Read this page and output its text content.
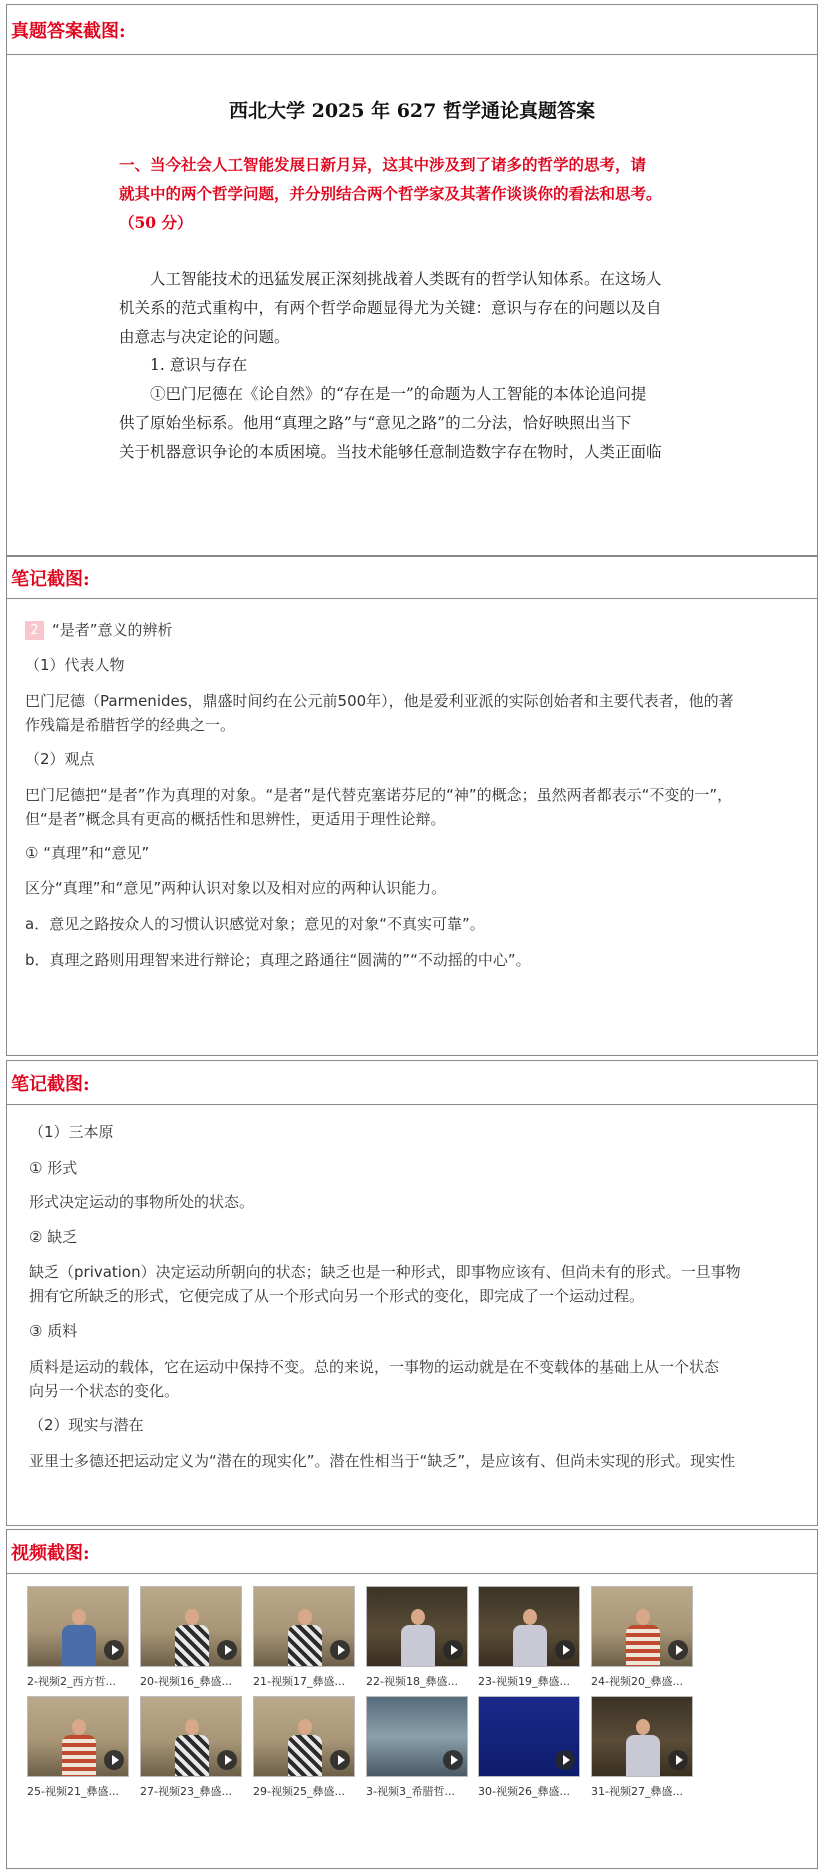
真题答案截图:
西北大学 2025 年 627 哲学通论真题答案
一、当今社会人工智能发展日新月异，这其中涉及到了诸多的哲学的思考，请
就其中的两个哲学问题，并分别结合两个哲学家及其著作谈谈你的看法和思考。
（50 分）
　　人工智能技术的迅猛发展正深刻挑战着人类既有的哲学认知体系。在这场人
机关系的范式重构中，有两个哲学命题显得尤为关键：意识与存在的问题以及自
由意志与决定论的问题。
　　1. 意识与存在
　　①巴门尼德在《论自然》的“存在是一”的命题为人工智能的本体论追问提
供了原始坐标系。他用“真理之路”与“意见之路”的二分法，恰好映照出当下
关于机器意识争论的本质困境。当技术能够任意制造数字存在物时，人类正面临
笔记截图:
2 “是者”意义的辨析
（1）代表人物
巴门尼德（Parmenides，鼎盛时间约在公元前500年），他是爱利亚派的实际创始者和主要代表者，他的著
作残篇是希腊哲学的经典之一。
（2）观点
巴门尼德把“是者”作为真理的对象。“是者”是代替克塞诺芬尼的“神”的概念；虽然两者都表示“不变的一”，
但“是者”概念具有更高的概括性和思辨性，更适用于理性论辩。
① “真理”和“意见”
区分“真理”和“意见”两种认识对象以及相对应的两种认识能力。
a．意见之路按众人的习惯认识感觉对象；意见的对象“不真实可靠”。
b．真理之路则用理智来进行辩论；真理之路通往“圆满的”“不动摇的中心”。
笔记截图:
（1）三本原
① 形式
形式决定运动的事物所处的状态。
② 缺乏
缺乏（privation）决定运动所朝向的状态；缺乏也是一种形式，即事物应该有、但尚未有的形式。一旦事物
拥有它所缺乏的形式，它便完成了从一个形式向另一个形式的变化，即完成了一个运动过程。
③ 质料
质料是运动的载体，它在运动中保持不变。总的来说，一事物的运动就是在不变载体的基础上从一个状态
向另一个状态的变化。
（2）现实与潜在
亚里士多德还把运动定义为“潜在的现实化”。潜在性相当于“缺乏”，是应该有、但尚未实现的形式。现实性
视频截图:
2-视频2_西方哲...	20-视频16_彝盛...	21-视频17_彝盛...	22-视频18_彝盛...	23-视频19_彝盛...	24-视频20_彝盛...
25-视频21_彝盛...	27-视频23_彝盛...	29-视频25_彝盛...	3-视频3_希腊哲...	30-视频26_彝盛...	31-视频27_彝盛...
